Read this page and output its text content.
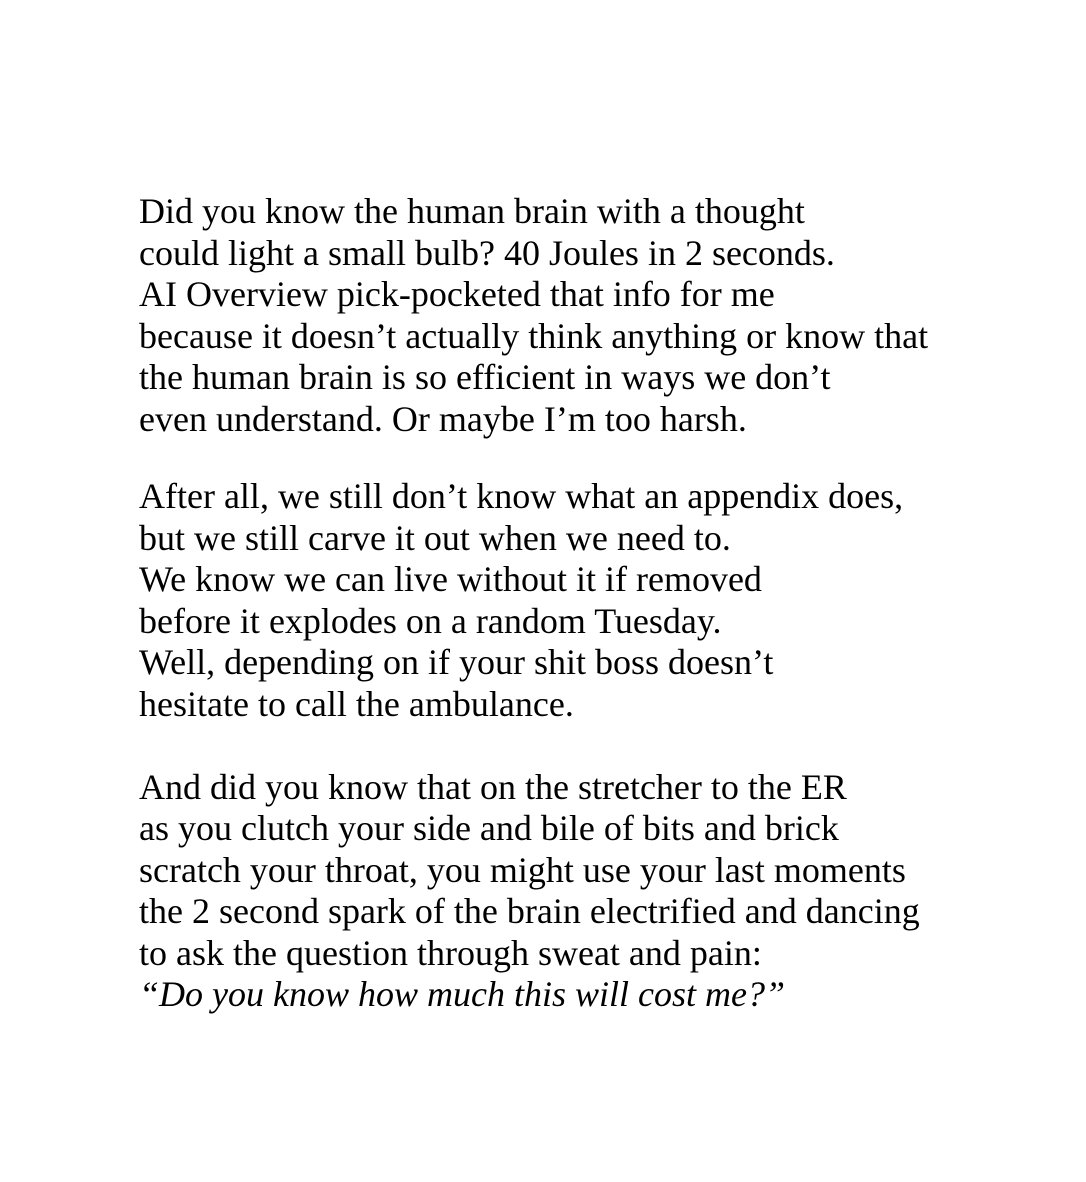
Did you know the human brain with a thought

could light a small bulb? 40 Joules in 2 seconds.

AI Overview pick-pocketed that info for me

because it doesn’t actually think anything or know that

the human brain is so efficient in ways we don’t

even understand. Or maybe I’m too harsh.

After all, we still don’t know what an appendix does,

but we still carve it out when we need to.

We know we can live without it if removed

before it explodes on a random Tuesday.

Well, depending on if your shit boss doesn’t

hesitate to call the ambulance.

And did you know that on the stretcher to the ER

as you clutch your side and bile of bits and brick

scratch your throat, you might use your last moments

the 2 second spark of the brain electrified and dancing

to ask the question through sweat and pain:

“Do you know how much this will cost me?”
